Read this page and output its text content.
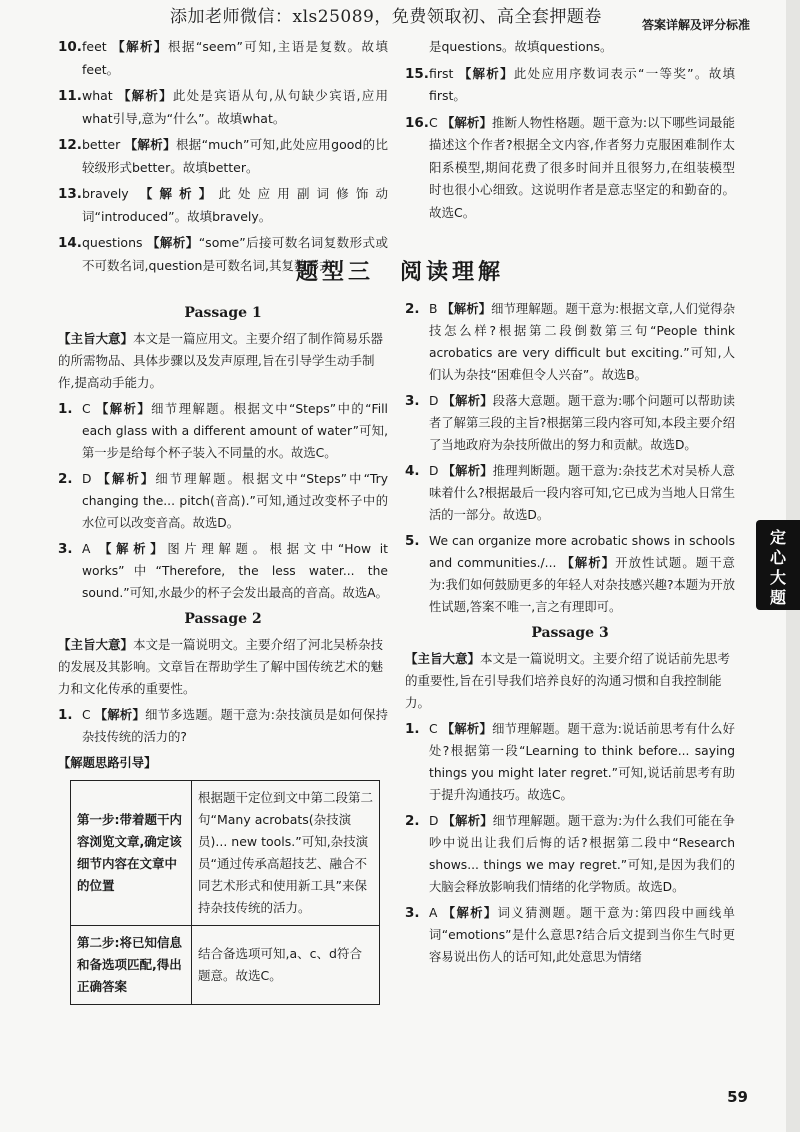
添加老师微信：xls25089，免费领取初、高全套押题卷	答案详解及评分标准
10. feet 【解析】根据“seem”可知,主语是复数。故填feet。
11. what 【解析】此处是宾语从句,从句缺少宾语,应用what引导,意为“什么”。故填what。
12. better 【解析】根据“much”可知,此处应用good的比较级形式better。故填better。
13. bravely 【解析】此处应用副词修饰动词“introduced”。故填bravely。
14. questions 【解析】“some”后接可数名词复数形式或不可数名词,question是可数名词,其复数形式
是questions。故填questions。
15. first 【解析】此处应用序数词表示“一等奖”。故填first。
16. C 【解析】推断人物性格题。题干意为:以下哪些词最能描述这个作者?根据全文内容,作者努力克服困难制作太阳系模型,期间花费了很多时间并且很努力,在组装模型时也很小心细致。这说明作者是意志坚定的和勤奋的。故选C。
题型三　阅读理解
Passage 1
【主旨大意】本文是一篇应用文。主要介绍了制作简易乐器的所需物品、具体步骤以及发声原理,旨在引导学生动手制作,提高动手能力。
1. C 【解析】细节理解题。根据文中“Steps”中的“Fill each glass with a different amount of water”可知,第一步是给每个杯子装入不同量的水。故选C。
2. D 【解析】细节理解题。根据文中“Steps”中“Try changing the... pitch(音高).”可知,通过改变杯子中的水位可以改变音高。故选D。
3. A 【解析】图片理解题。根据文中“How it works”中“Therefore, the less water... the sound.”可知,水最少的杯子会发出最高的音高。故选A。
Passage 2
【主旨大意】本文是一篇说明文。主要介绍了河北吴桥杂技的发展及其影响。文章旨在帮助学生了解中国传统艺术的魅力和文化传承的重要性。
1. C 【解析】细节多选题。题干意为:杂技演员是如何保持杂技传统的活力的?
【解题思路引导】
第一步:带着题干内容浏览文章,确定该细节内容在文章中的位置	根据题干定位到文中第二段第二句“Many acrobats(杂技演员)... new tools.”可知,杂技演员“通过传承高超技艺、融合不同艺术形式和使用新工具”来保持杂技传统的活力。
第二步:将已知信息和备选项匹配,得出正确答案	结合备选项可知,a、c、d符合题意。故选C。
2. B 【解析】细节理解题。题干意为:根据文章,人们觉得杂技怎么样?根据第二段倒数第三句“People think acrobatics are very difficult but exciting.”可知,人们认为杂技“困难但令人兴奋”。故选B。
3. D 【解析】段落大意题。题干意为:哪个问题可以帮助读者了解第三段的主旨?根据第三段内容可知,本段主要介绍了当地政府为杂技所做出的努力和贡献。故选D。
4. D 【解析】推理判断题。题干意为:杂技艺术对吴桥人意味着什么?根据最后一段内容可知,它已成为当地人日常生活的一部分。故选D。
5. We can organize more acrobatic shows in schools and communities./... 【解析】开放性试题。题干意为:我们如何鼓励更多的年轻人对杂技感兴趣?本题为开放性试题,答案不唯一,言之有理即可。
Passage 3
【主旨大意】本文是一篇说明文。主要介绍了说话前先思考的重要性,旨在引导我们培养良好的沟通习惯和自我控制能力。
1. C 【解析】细节理解题。题干意为:说话前思考有什么好处?根据第一段“Learning to think before... saying things you might later regret.”可知,说话前思考有助于提升沟通技巧。故选C。
2. D 【解析】细节理解题。题干意为:为什么我们可能在争吵中说出让我们后悔的话?根据第二段中“Research shows... things we may regret.”可知,是因为我们的大脑会释放影响我们情绪的化学物质。故选D。
3. A 【解析】词义猜测题。题干意为:第四段中画线单词“emotions”是什么意思?结合后文提到当你生气时更容易说出伤人的话可知,此处意思为情绪
定
心
大
题
59
